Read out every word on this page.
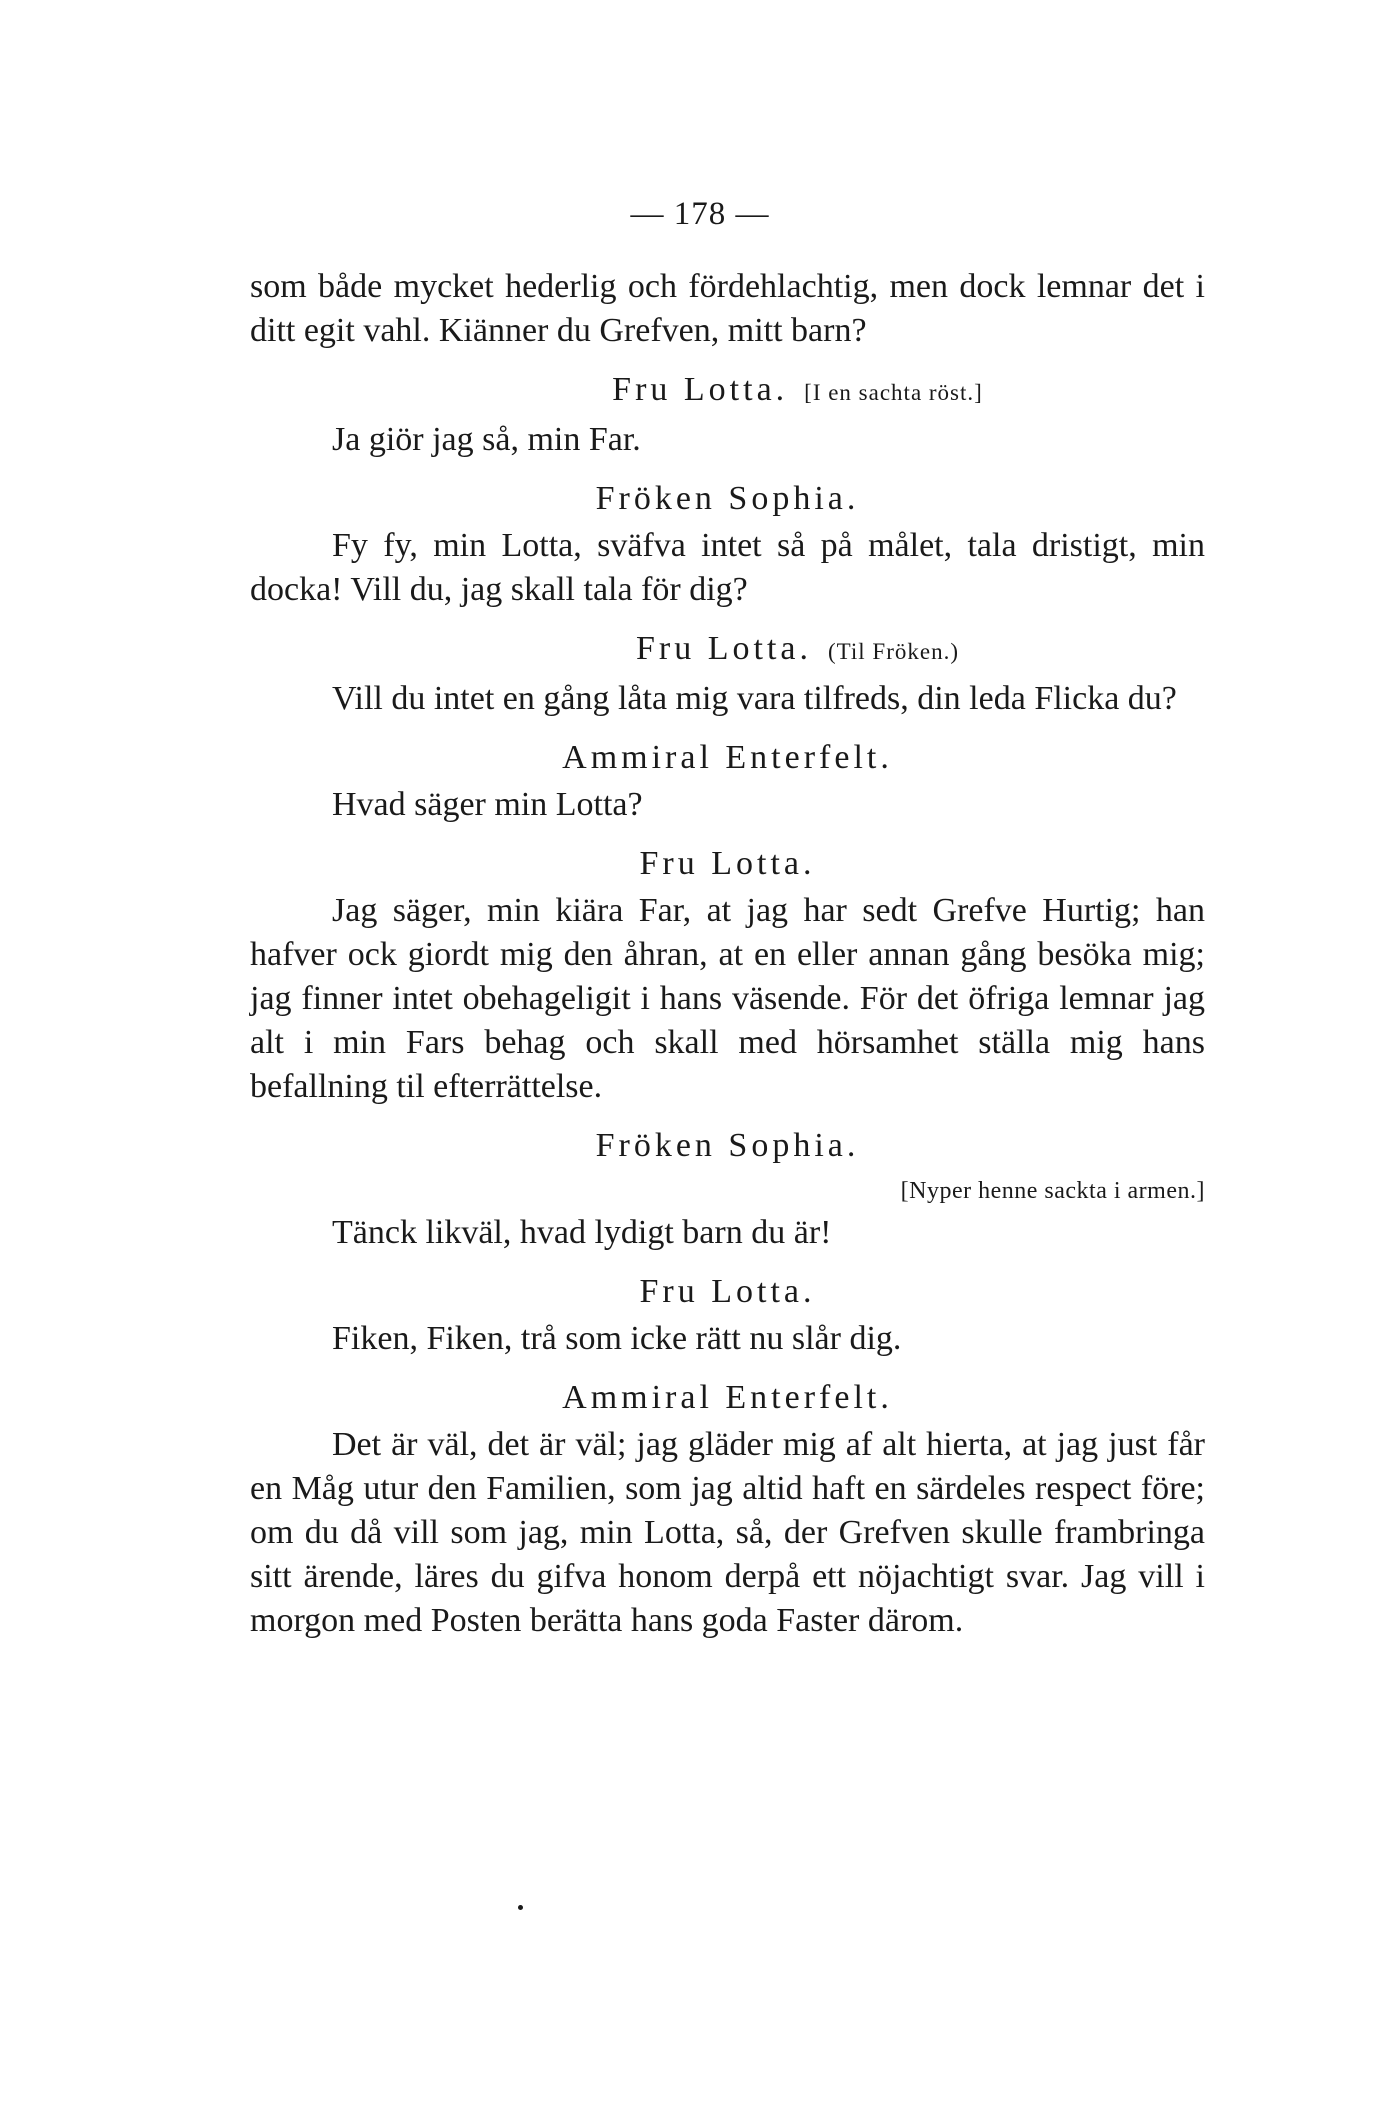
— 178 —

som både mycket hederlig och fördehlachtig, men dock lemnar det i ditt egit vahl. Kiänner du Grefven, mitt barn?

Fru Lotta. [I en sachta röst.]

Ja giör jag så, min Far.

Fröken Sophia.

Fy fy, min Lotta, sväfva intet så på målet, tala dristigt, min docka! Vill du, jag skall tala för dig?

Fru Lotta. (Til Fröken.)

Vill du intet en gång låta mig vara tilfreds, din leda Flicka du?

Ammiral Enterfelt.

Hvad säger min Lotta?

Fru Lotta.

Jag säger, min kiära Far, at jag har sedt Grefve Hurtig; han hafver ock giordt mig den åhran, at en eller annan gång besöka mig; jag finner intet obehageligit i hans väsende. För det öfriga lemnar jag alt i min Fars behag och skall med hörsamhet ställa mig hans befallning til efterrättelse.

Fröken Sophia.

[Nyper henne sackta i armen.]

Tänck likväl, hvad lydigt barn du är!

Fru Lotta.

Fiken, Fiken, trå som icke rätt nu slår dig.

Ammiral Enterfelt.

Det är väl, det är väl; jag gläder mig af alt hierta, at jag just får en Måg utur den Familien, som jag altid haft en särdeles respect före; om du då vill som jag, min Lotta, så, der Grefven skulle frambringa sitt ärende, läres du gifva honom derpå ett nöjachtigt svar. Jag vill i morgon med Posten berätta hans goda Faster därom.
